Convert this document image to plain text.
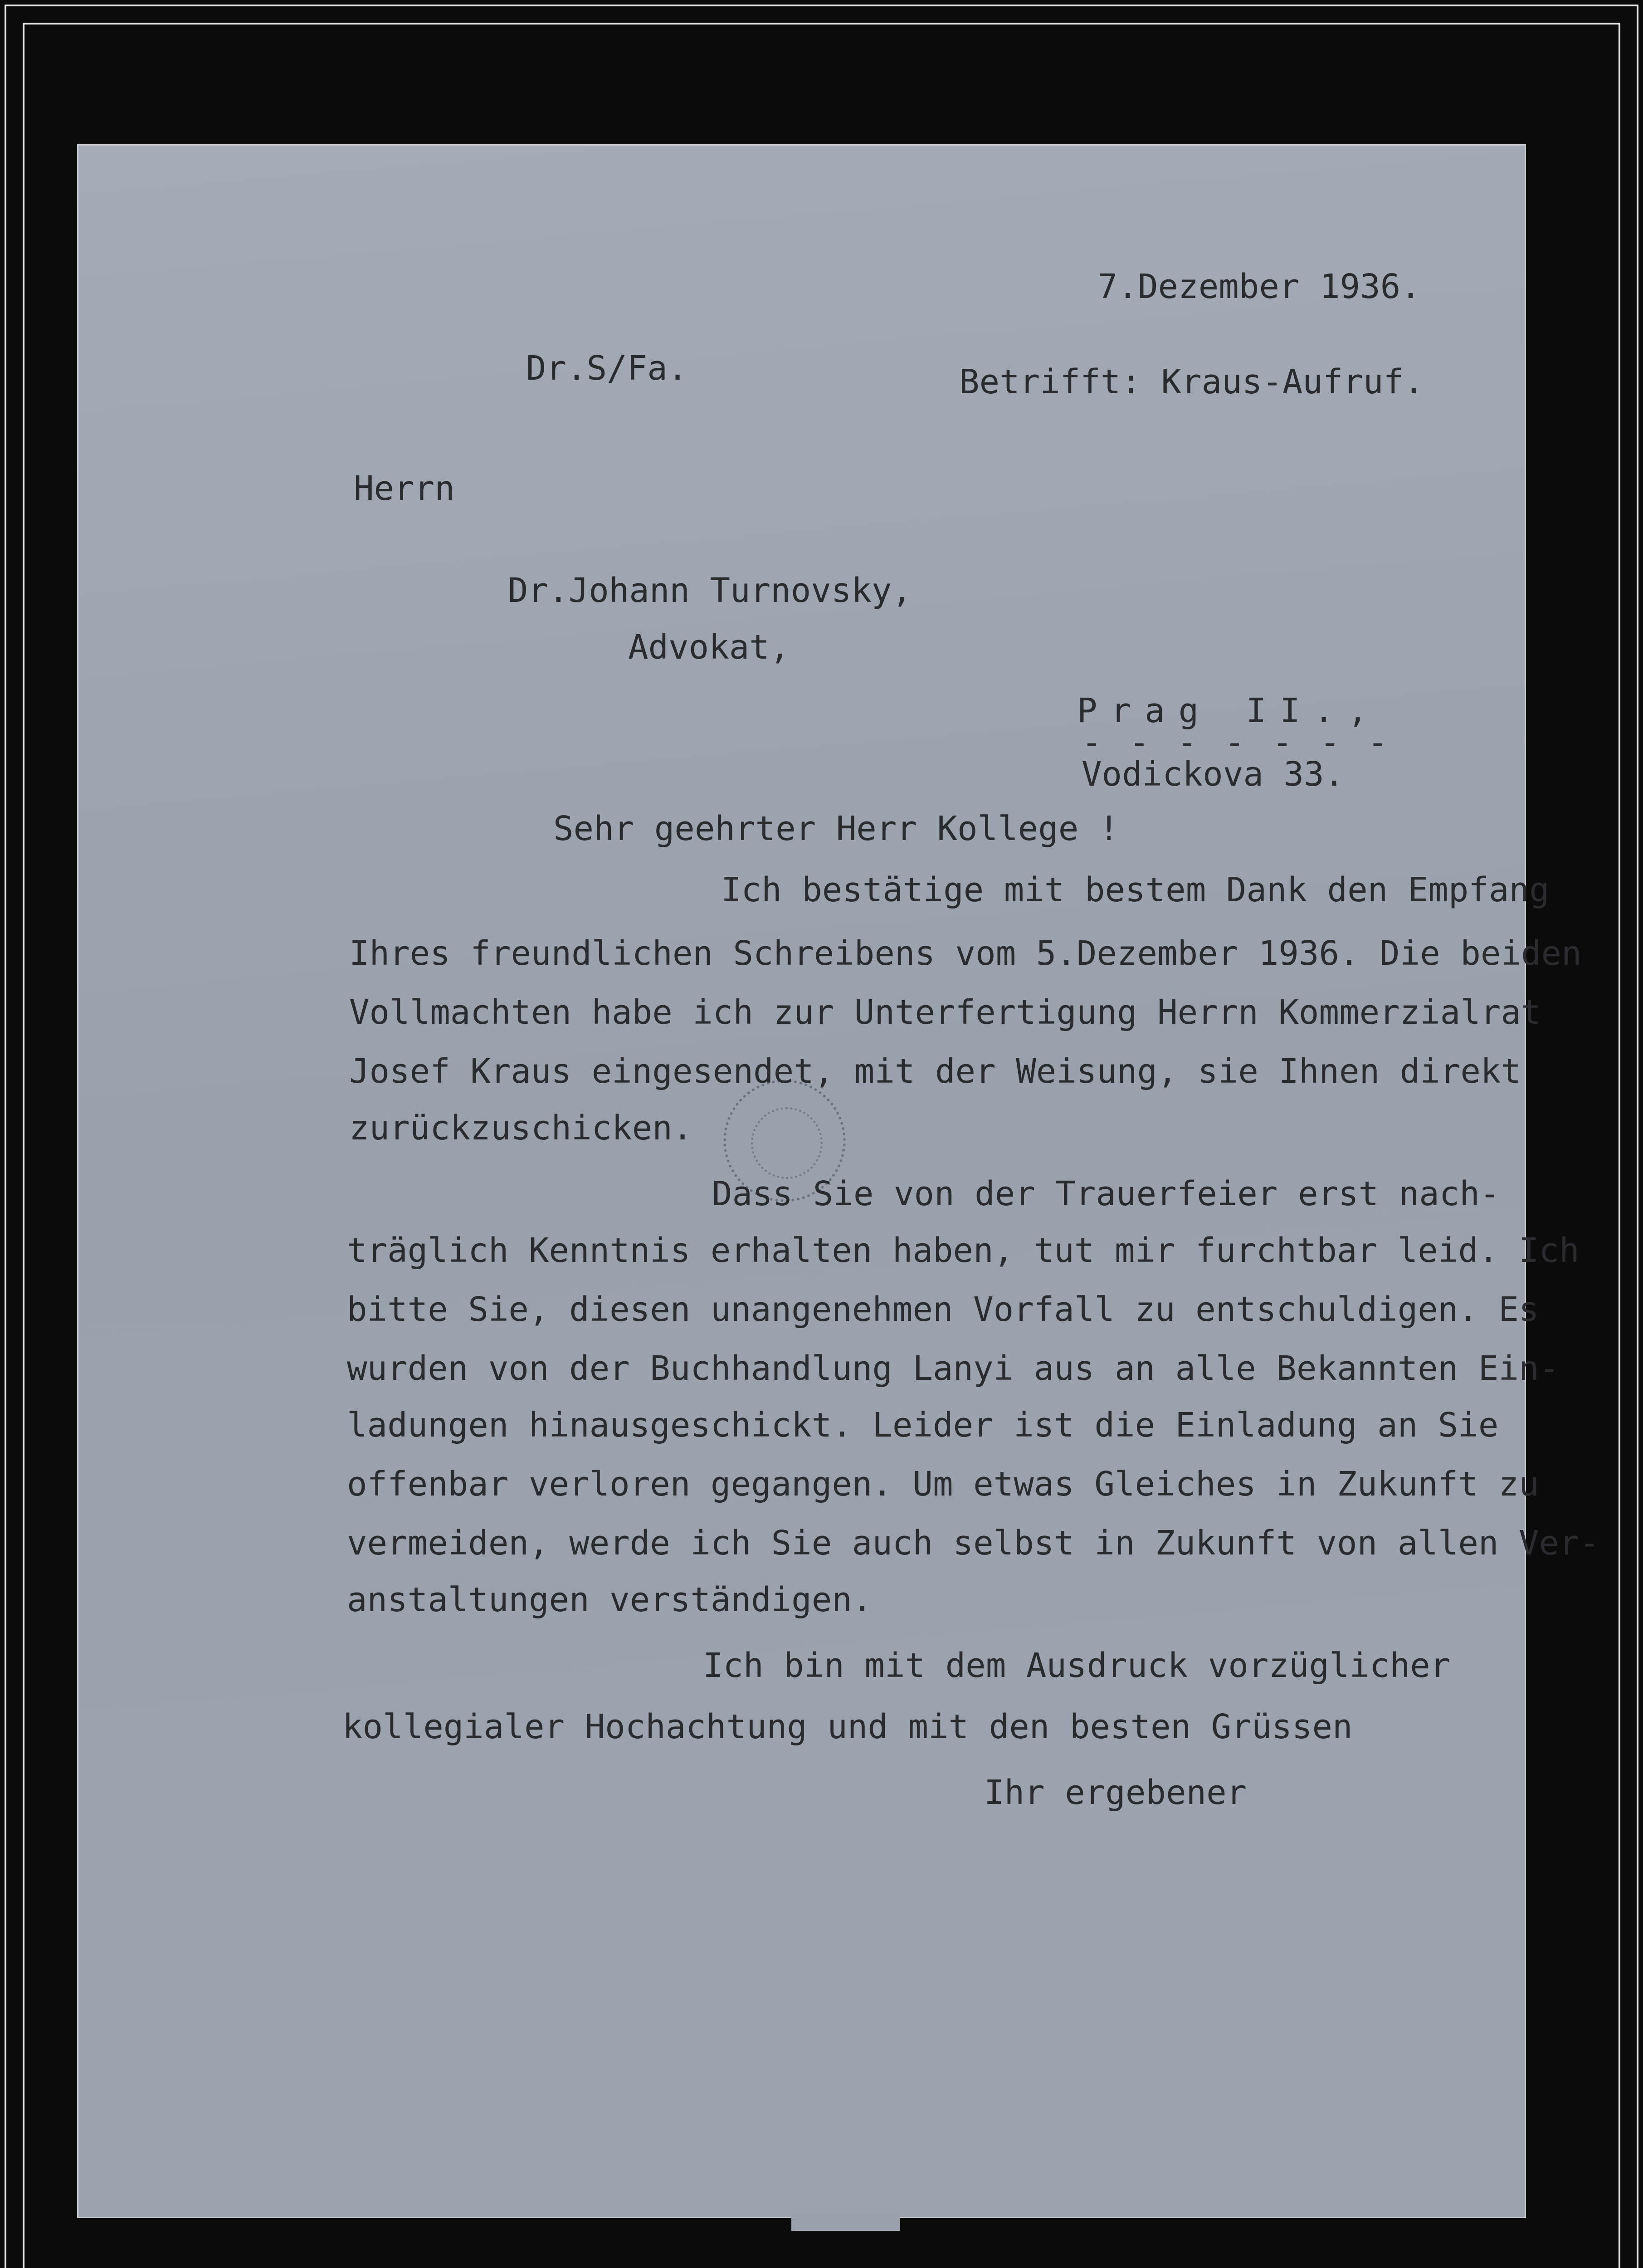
7.Dezember 1936.
Dr.S/Fa.	Betrifft: Kraus-Aufruf.
Herrn
Dr.Johann Turnovsky,
Advokat,
Prag II.,
- - - - - - -
Vodickova 33.
Sehr geehrter Herr Kollege !
Ich bestätige mit bestem Dank den Empfang
Ihres freundlichen Schreibens vom 5.Dezember 1936. Die beiden
Vollmachten habe ich zur Unterfertigung Herrn Kommerzialrat
Josef Kraus eingesendet, mit der Weisung, sie Ihnen direkt
zurückzuschicken.
Dass Sie von der Trauerfeier erst nach-
träglich Kenntnis erhalten haben, tut mir furchtbar leid. Ich
bitte Sie, diesen unangenehmen Vorfall zu entschuldigen. Es
wurden von der Buchhandlung Lanyi aus an alle Bekannten Ein-
ladungen hinausgeschickt. Leider ist die Einladung an Sie
offenbar verloren gegangen. Um etwas Gleiches in Zukunft zu
vermeiden, werde ich Sie auch selbst in Zukunft von allen Ver-
anstaltungen verständigen.
Ich bin mit dem Ausdruck vorzüglicher
kollegialer Hochachtung und mit den besten Grüssen
Ihr ergebener
